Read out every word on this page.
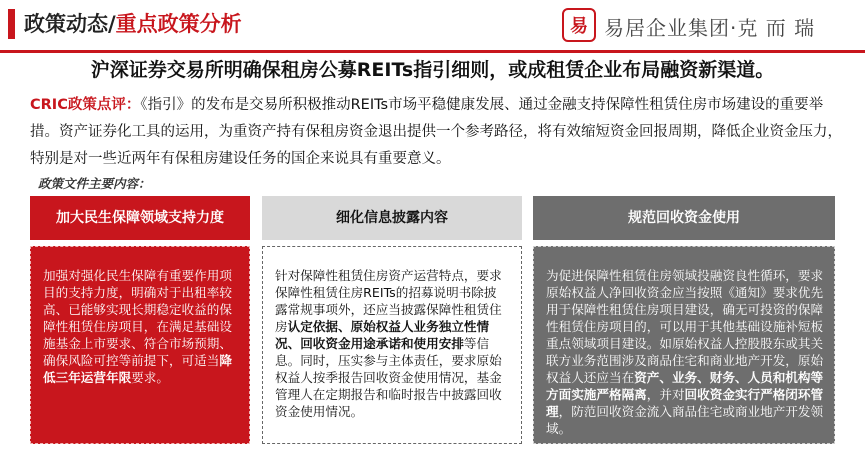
政策动态/重点政策分析	易 易居企业集团·克 而 瑞
沪深证券交易所明确保租房公募REITs指引细则，或成租赁企业布局融资新渠道。
CRIC政策点评：《指引》的发布是交易所积极推动REITs市场平稳健康发展、通过金融支持保障性租赁住房市场建设的重要举措。资产证券化工具的运用，为重资产持有保租房资金退出提供一个参考路径，将有效缩短资金回报周期，降低企业资金压力，特别是对一些近两年有保租房建设任务的国企来说具有重要意义。
政策文件主要内容：
加大民生保障领域支持力度	细化信息披露内容	规范回收资金使用
加强对强化民生保障有重要作用项目的支持力度，明确对于出租率较高、已能够实现长期稳定收益的保障性租赁住房项目，在满足基础设施基金上市要求、符合市场预期、确保风险可控等前提下，可适当降低三年运营年限要求。
针对保障性租赁住房资产运营特点，要求保障性租赁住房REITs的招募说明书除披露常规事项外，还应当披露保障性租赁住房认定依据、原始权益人业务独立性情况、回收资金用途承诺和使用安排等信息。同时，压实参与主体责任，要求原始权益人按季报告回收资金使用情况，基金管理人在定期报告和临时报告中披露回收资金使用情况。
为促进保障性租赁住房领域投融资良性循环，要求原始权益人净回收资金应当按照《通知》要求优先用于保障性租赁住房项目建设，确无可投资的保障性租赁住房项目的，可以用于其他基础设施补短板重点领域项目建设。如原始权益人控股股东或其关联方业务范围涉及商品住宅和商业地产开发，原始权益人还应当在资产、业务、财务、人员和机构等方面实施严格隔离，并对回收资金实行严格闭环管理，防范回收资金流入商品住宅或商业地产开发领域。
